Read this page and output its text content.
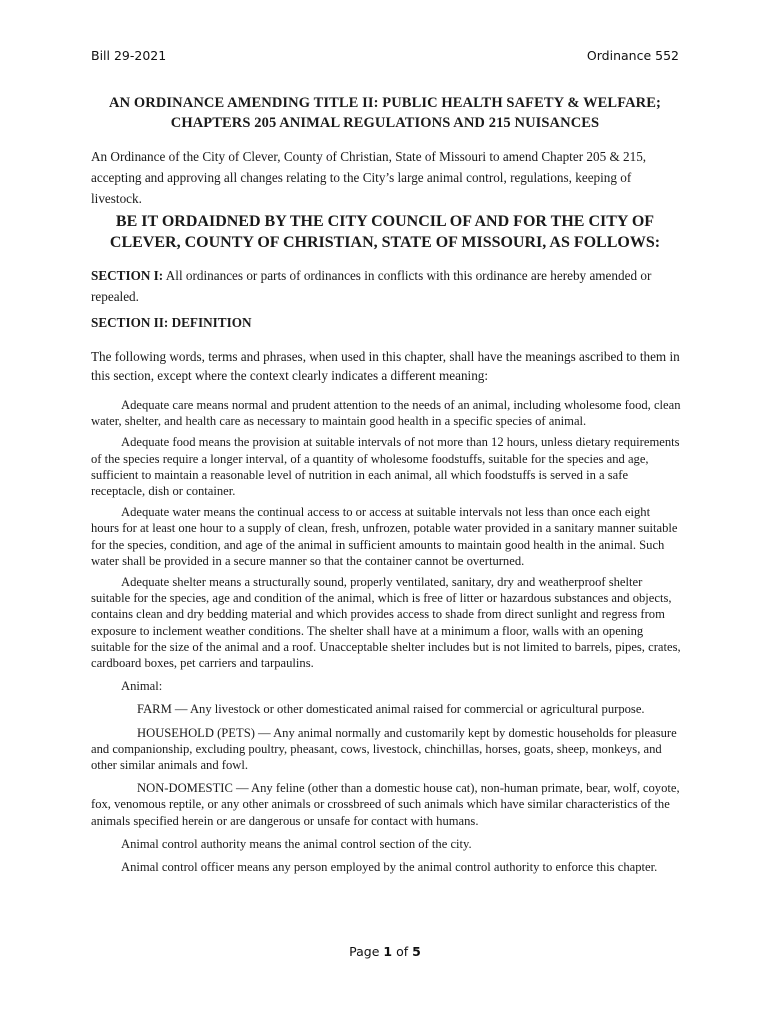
Bill 29-2021	Ordinance 552
AN ORDINANCE AMENDING TITLE II: PUBLIC HEALTH SAFETY & WELFARE;
CHAPTERS 205 ANIMAL REGULATIONS AND 215 NUISANCES
An Ordinance of the City of Clever, County of Christian, State of Missouri to amend Chapter 205 & 215, accepting and approving all changes relating to the City’s large animal control, regulations, keeping of livestock.
BE IT ORDAIDNED BY THE CITY COUNCIL OF AND FOR THE CITY OF
CLEVER, COUNTY OF CHRISTIAN, STATE OF MISSOURI, AS FOLLOWS:
SECTION I: All ordinances or parts of ordinances in conflicts with this ordinance are hereby amended or repealed.
SECTION II: DEFINITION
The following words, terms and phrases, when used in this chapter, shall have the meanings ascribed to them in this section, except where the context clearly indicates a different meaning:

Adequate care means normal and prudent attention to the needs of an animal, including wholesome food, clean water, shelter, and health care as necessary to maintain good health in a specific species of animal.

Adequate food means the provision at suitable intervals of not more than 12 hours, unless dietary requirements of the species require a longer interval, of a quantity of wholesome foodstuffs, suitable for the species and age, sufficient to maintain a reasonable level of nutrition in each animal, all which foodstuffs is served in a safe receptacle, dish or container.

Adequate water means the continual access to or access at suitable intervals not less than once each eight hours for at least one hour to a supply of clean, fresh, unfrozen, potable water provided in a sanitary manner suitable for the species, condition, and age of the animal in sufficient amounts to maintain good health in the animal. Such water shall be provided in a secure manner so that the container cannot be overturned.

Adequate shelter means a structurally sound, properly ventilated, sanitary, dry and weatherproof shelter suitable for the species, age and condition of the animal, which is free of litter or hazardous substances and objects, contains clean and dry bedding material and which provides access to shade from direct sunlight and regress from exposure to inclement weather conditions. The shelter shall have at a minimum a floor, walls with an opening suitable for the size of the animal and a roof. Unacceptable shelter includes but is not limited to barrels, pipes, crates, cardboard boxes, pet carriers and tarpaulins.

Animal:

FARM — Any livestock or other domesticated animal raised for commercial or agricultural purpose.

HOUSEHOLD (PETS) — Any animal normally and customarily kept by domestic households for pleasure and companionship, excluding poultry, pheasant, cows, livestock, chinchillas, horses, goats, sheep, monkeys, and other similar animals and fowl.

NON-DOMESTIC — Any feline (other than a domestic house cat), non-human primate, bear, wolf, coyote, fox, venomous reptile, or any other animals or crossbreed of such animals which have similar characteristics of the animals specified herein or are dangerous or unsafe for contact with humans.

Animal control authority means the animal control section of the city.

Animal control officer means any person employed by the animal control authority to enforce this chapter.

Page 1 of 5
